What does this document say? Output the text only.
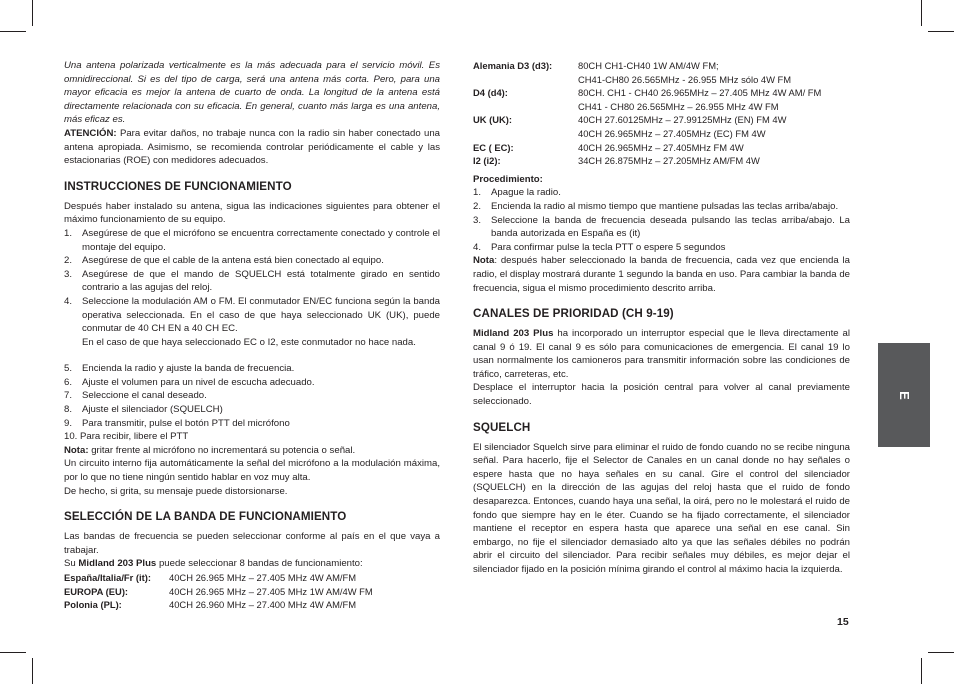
Una antena polarizada verticalmente es la más adecuada para el servicio móvil. Es omnidireccional. Si es del tipo de carga, será una antena más corta. Pero, para una mayor eficacia es mejor la antena de cuarto de onda. La longitud de la antena está directamente relacionada con su eficacia. En general, cuanto más larga es una antena, más eficaz es.

ATENCIÓN: Para evitar daños, no trabaje nunca con la radio sin haber conectado una antena apropiada. Asimismo, se recomienda controlar periódicamente el cable y las estacionarias (ROE) con medidores adecuados.

INSTRUCCIONES DE FUNCIONAMIENTO

Después haber instalado su antena, sigua las indicaciones siguientes para obtener el máximo funcionamiento de su equipo.

1.	Asegúrese de que el micrófono se encuentra correctamente conectado y controle el montaje del equipo.
2.	Asegúrese de que el cable de la antena está bien conectado al equipo.
3.	Asegúrese de que el mando de SQUELCH está totalmente girado en sentido contrario a las agujas del reloj.
4.	Seleccione la modulación AM o FM. El conmutador EN/EC funciona según la banda operativa seleccionada. En el caso de que haya seleccionado UK (UK), puede conmutar de 40 CH EN a 40 CH EC.

En el caso de que haya seleccionado EC o I2, este conmutador no hace nada.

5.	Encienda la radio y ajuste la banda de frecuencia.
6.	Ajuste el volumen para un nivel de escucha adecuado.
7.	Seleccione el canal deseado.
8.	Ajuste el silenciador (SQUELCH)
9.	Para transmitir, pulse el botón PTT del micrófono

10. Para recibir, libere el PTT

Nota: gritar frente al micrófono no incrementará su potencia o señal.

Un circuito interno fija automáticamente la señal del micrófono a la modulación máxima, por lo que no tiene ningún sentido hablar en voz muy alta.

De hecho, si grita, su mensaje puede distorsionarse.

SELECCIÓN DE LA BANDA DE FUNCIONAMIENTO

Las bandas de frecuencia se pueden seleccionar conforme al país en el que vaya a trabajar.

Su Midland 203 Plus puede seleccionar 8 bandas de funcionamiento:

España/Italia/Fr (it):	40CH 26.965 MHz – 27.405 MHz 4W AM/FM
EUROPA (EU):	40CH 26.965 MHz – 27.405 MHz 1W AM/4W FM
Polonia (PL):	40CH 26.960 MHz – 27.400 MHz 4W AM/FM
Alemania D3 (d3):	80CH CH1-CH40 1W AM/4W FM;
	CH41-CH80 26.565MHz - 26.955 MHz sólo 4W FM
D4 (d4):	80CH. CH1 - CH40 26.965MHz – 27.405 MHz 4W AM/ FM
	CH41 - CH80 26.565MHz – 26.955 MHz 4W FM
UK (UK):	40CH 27.60125MHz – 27.99125MHz (EN) FM 4W
	40CH 26.965MHz – 27.405MHz (EC) FM 4W
EC ( EC):	40CH 26.965MHz – 27.405MHz FM 4W
I2 (i2):	34CH 26.875MHz – 27.205MHz AM/FM 4W

Procedimiento:

1.	Apague la radio.
2.	Encienda la radio al mismo tiempo que mantiene pulsadas las teclas arriba/abajo.
3.	Seleccione la banda de frecuencia deseada pulsando las teclas arriba/abajo. La banda autorizada en España es (it)
4.	Para confirmar pulse la tecla PTT o espere 5 segundos

Nota: después haber seleccionado la banda de frecuencia, cada vez que encienda la radio, el display mostrará durante 1 segundo la banda en uso. Para cambiar la banda de frecuencia, sigua el mismo procedimiento descrito arriba.

CANALES DE PRIORIDAD (CH 9-19)

Midland 203 Plus ha incorporado un interruptor especial que le lleva directamente al canal 9 ó 19. El canal 9 es sólo para comunicaciones de emergencia. El canal 19 lo usan normalmente los camioneros para transmitir información sobre las condiciones de tráfico, carreteras, etc.

Desplace el interruptor hacia la posición central para volver al canal previamente seleccionado.

SQUELCH

El silenciador Squelch sirve para eliminar el ruido de fondo cuando no se recibe ninguna señal. Para hacerlo, fije el Selector de Canales en un canal donde no hay señales o espere hasta que no haya señales en su canal. Gire el control del silenciador (SQUELCH) en la dirección de las agujas del reloj hasta que el ruido de fondo desaparezca. Entonces, cuando haya una señal, la oirá, pero no le molestará el ruido de fondo que siempre hay en le éter. Cuando se ha fijado correctamente, el silenciador mantiene el receptor en espera hasta que aparece una señal en ese canal. Sin embargo, no fije el silenciador demasiado alto ya que las señales débiles no podrán abrir el circuito del silenciador. Para recibir señales muy débiles, es mejor dejar el silenciador fijado en la posición mínima girando el control al máximo hacia la izquierda.

E
15
